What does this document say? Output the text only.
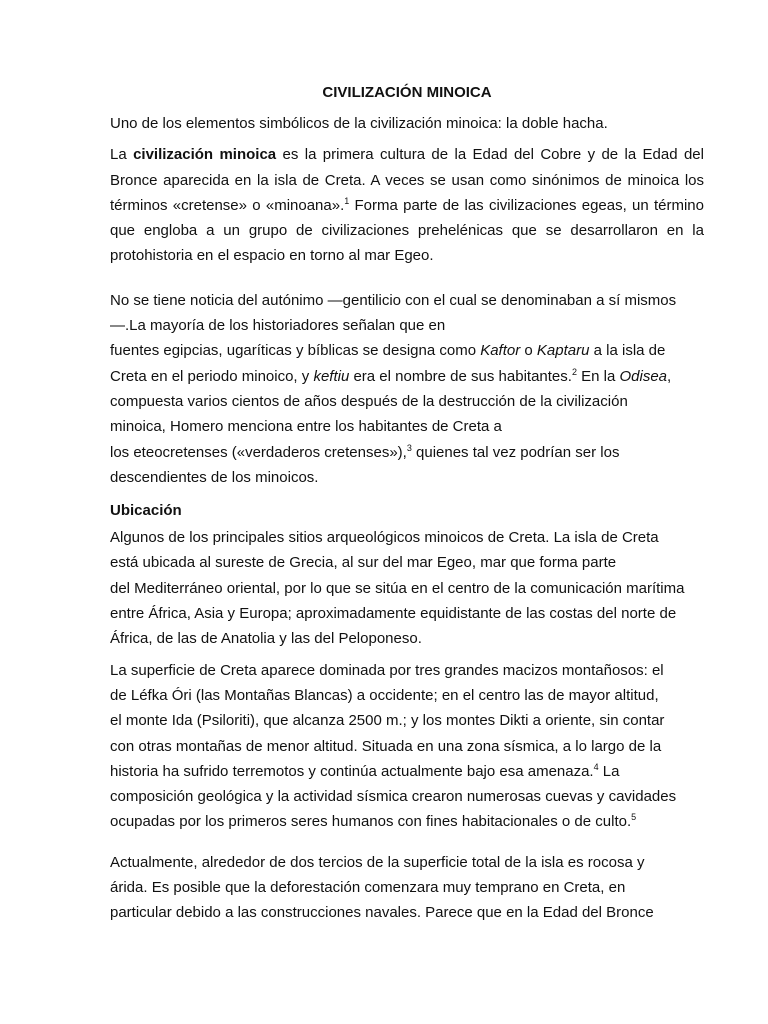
CIVILIZACIÓN MINOICA

Uno de los elementos simbólicos de la civilización minoica: la doble hacha.

La civilización minoica es la primera cultura de la Edad del Cobre y de la Edad del Bronce aparecida en la isla de Creta. A veces se usan como sinónimos de minoica los términos «cretense» o «minoana».$^1$ Forma parte de las civilizaciones egeas, un término que engloba a un grupo de civilizaciones prehelénicas que se desarrollaron en la protohistoria en el espacio en torno al mar Egeo.

No se tiene noticia del autónimo —gentilicio con el cual se denominaban a sí mismos
—.La mayoría de los historiadores señalan que en
fuentes egipcias, ugaríticas y bíblicas se designa como Kaftor o Kaptaru a la isla de
Creta en el periodo minoico, y keftiu era el nombre de sus habitantes.$^2$ En la Odisea,
compuesta varios cientos de años después de la destrucción de la civilización
minoica, Homero menciona entre los habitantes de Creta a
los eteocretenses («verdaderos cretenses»),$^3$ quienes tal vez podrían ser los
descendientes de los minoicos.

Ubicación

Algunos de los principales sitios arqueológicos minoicos de Creta. La isla de Creta
está ubicada al sureste de Grecia, al sur del mar Egeo, mar que forma parte
del Mediterráneo oriental, por lo que se sitúa en el centro de la comunicación marítima
entre África, Asia y Europa; aproximadamente equidistante de las costas del norte de
África, de las de Anatolia y las del Peloponeso.

La superficie de Creta aparece dominada por tres grandes macizos montañosos: el
de Léfka Óri (las Montañas Blancas) a occidente; en el centro las de mayor altitud,
el monte Ida (Psiloriti), que alcanza 2500 m.; y los montes Dikti a oriente, sin contar
con otras montañas de menor altitud. Situada en una zona sísmica, a lo largo de la
historia ha sufrido terremotos y continúa actualmente bajo esa amenaza.$^4$ La
composición geológica y la actividad sísmica crearon numerosas cuevas y cavidades
ocupadas por los primeros seres humanos con fines habitacionales o de culto.$^5$

Actualmente, alrededor de dos tercios de la superficie total de la isla es rocosa y
árida. Es posible que la deforestación comenzara muy temprano en Creta, en
particular debido a las construcciones navales. Parece que en la Edad del Bronce
